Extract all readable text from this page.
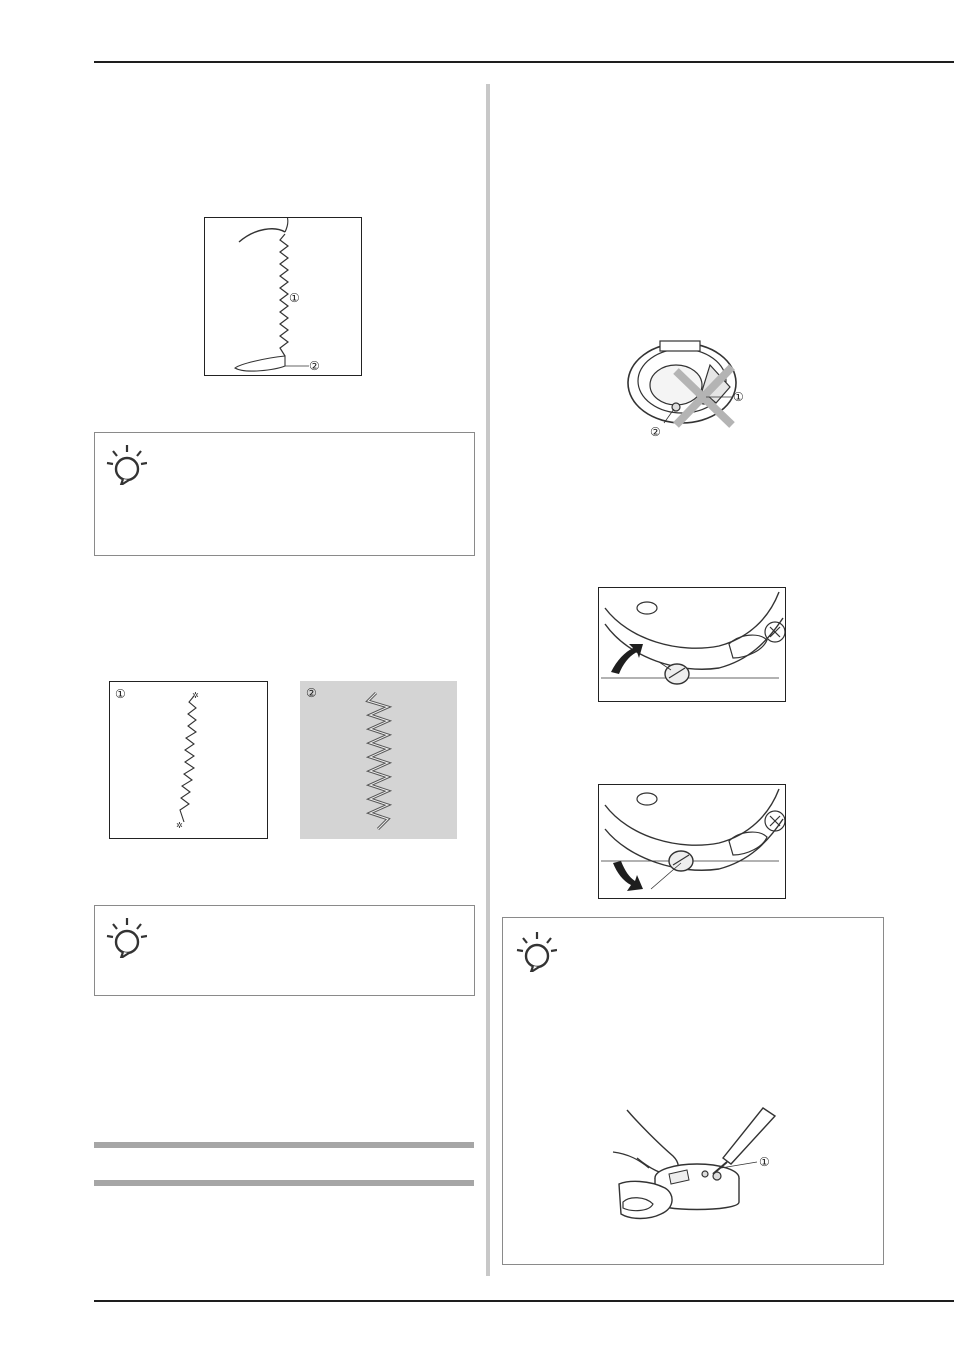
①
②
①	✲
✲
②
①
②
①
